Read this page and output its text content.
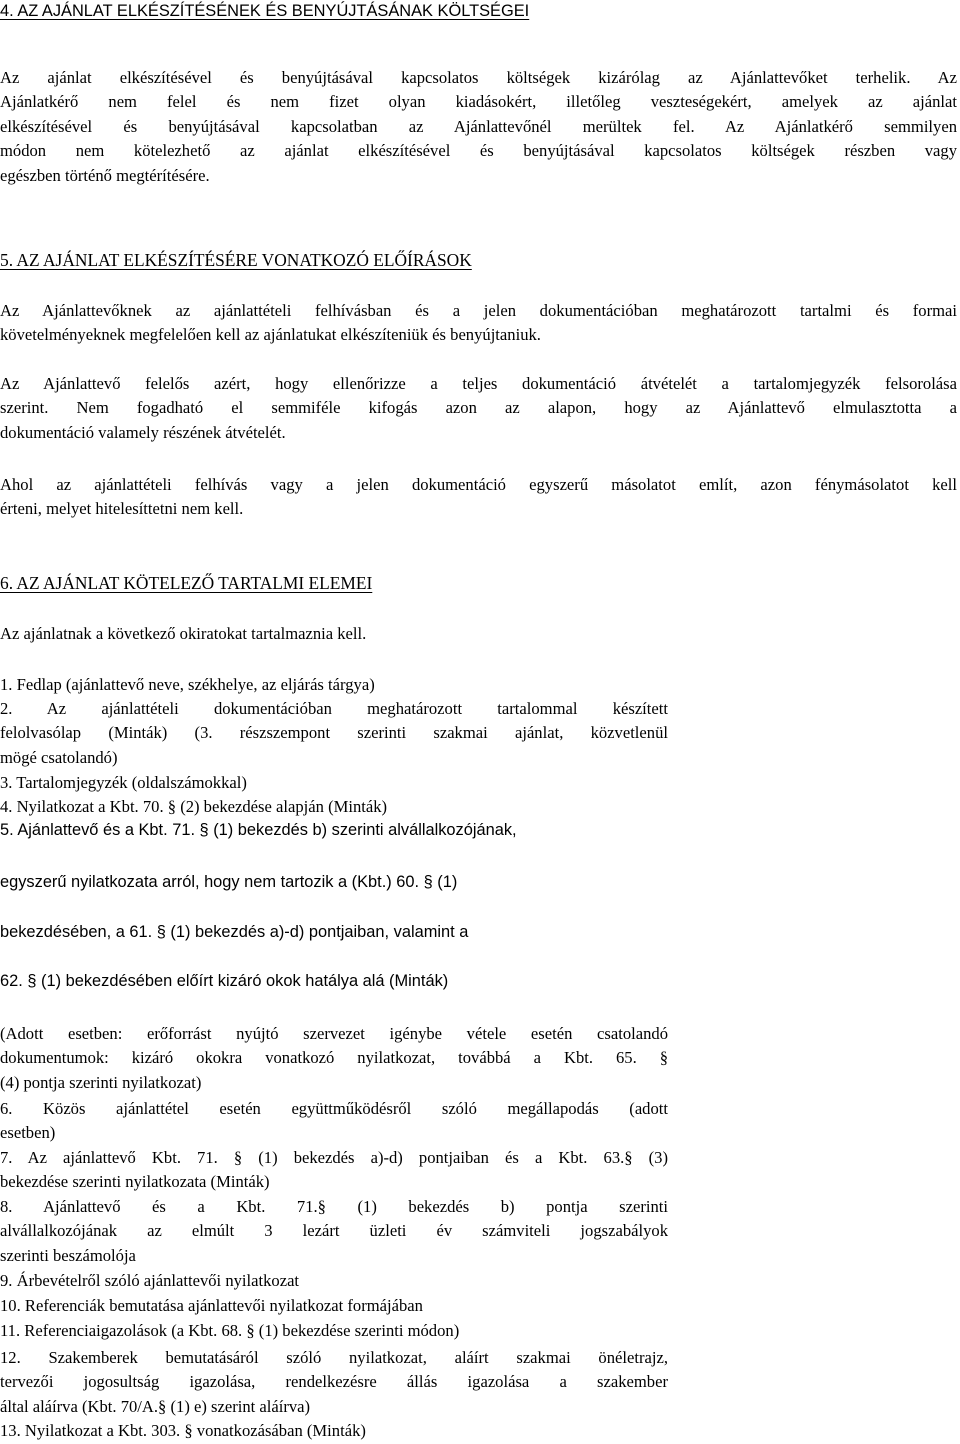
4. AZ AJÁNLAT ELKÉSZÍTÉSÉNEK ÉS BENYÚJTÁSÁNAK KÖLTSÉGEI
Az ajánlat elkészítésével és benyújtásával kapcsolatos költségek kizárólag az Ajánlattevőket terhelik. Az
Ajánlatkérő nem felel és nem fizet olyan kiadásokért, illetőleg veszteségekért, amelyek az ajánlat
elkészítésével és benyújtásával kapcsolatban az Ajánlattevőnél merültek fel. Az Ajánlatkérő semmilyen
módon nem kötelezhető az ajánlat elkészítésével és benyújtásával kapcsolatos költségek részben vagy
egészben történő megtérítésére.
5. AZ AJÁNLAT ELKÉSZÍTÉSÉRE VONATKOZÓ ELŐÍRÁSOK
Az Ajánlattevőknek az ajánlattételi felhívásban és a jelen dokumentációban meghatározott tartalmi és formai
követelményeknek megfelelően kell az ajánlatukat elkészíteniük és benyújtaniuk.
Az Ajánlattevő felelős azért, hogy ellenőrizze a teljes dokumentáció átvételét a tartalomjegyzék felsorolása
szerint. Nem fogadható el semmiféle kifogás azon az alapon, hogy az Ajánlattevő elmulasztotta a
dokumentáció valamely részének átvételét.
Ahol az ajánlattételi felhívás vagy a jelen dokumentáció egyszerű másolatot említ, azon fénymásolatot kell
érteni, melyet hitelesíttetni nem kell.
6. AZ AJÁNLAT KÖTELEZŐ TARTALMI ELEMEI
Az ajánlatnak a következő okiratokat tartalmaznia kell.
1. Fedlap (ajánlattevő neve, székhelye, az eljárás tárgya)
2. Az ajánlattételi dokumentációban meghatározott tartalommal készített
felolvasólap (Minták) (3. részszempont szerinti szakmai ajánlat, közvetlenül
mögé csatolandó)
3. Tartalomjegyzék (oldalszámokkal)
4. Nyilatkozat a Kbt. 70. § (2) bekezdése alapján (Minták)
5. Ajánlattevő és a Kbt. 71. § (1) bekezdés b) szerinti alvállalkozójának,
egyszerű nyilatkozata arról, hogy nem tartozik a (Kbt.) 60. § (1)
bekezdésében, a 61. § (1) bekezdés a)-d) pontjaiban, valamint a
62. § (1) bekezdésében előírt kizáró okok hatálya alá (Minták)
(Adott esetben: erőforrást nyújtó szervezet igénybe vétele esetén csatolandó
dokumentumok: kizáró okokra vonatkozó nyilatkozat, továbbá a Kbt. 65. §
(4) pontja szerinti nyilatkozat)
6. Közös ajánlattétel esetén együttműködésről szóló megállapodás (adott
esetben)
7. Az ajánlattevő Kbt. 71. § (1) bekezdés a)-d) pontjaiban és a Kbt. 63.§ (3)
bekezdése szerinti nyilatkozata (Minták)
8. Ajánlattevő és a Kbt. 71.§ (1) bekezdés b) pontja szerinti
alvállalkozójának az elmúlt 3 lezárt üzleti év számviteli jogszabályok
szerinti beszámolója
9. Árbevételről szóló ajánlattevői nyilatkozat
10. Referenciák bemutatása ajánlattevői nyilatkozat formájában
11. Referenciaigazolások (a Kbt. 68. § (1) bekezdése szerinti módon)
12. Szakemberek bemutatásáról szóló nyilatkozat, aláírt szakmai önéletrajz,
tervezői jogosultság igazolása, rendelkezésre állás igazolása a szakember
által aláírva (Kbt. 70/A.§ (1) e) szerint aláírva)
13. Nyilatkozat a Kbt. 303. § vonatkozásában (Minták)
